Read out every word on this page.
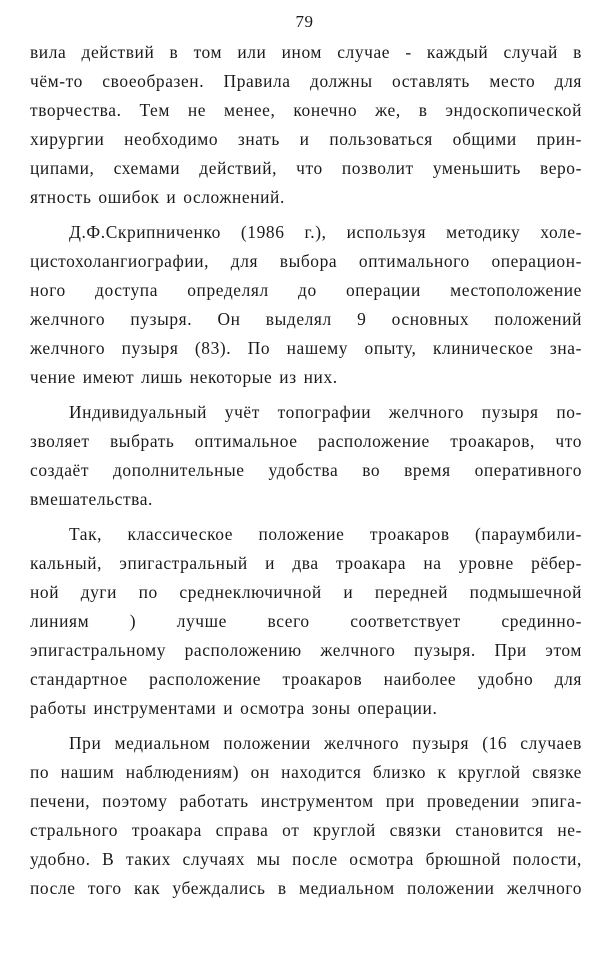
79
вила действий в том или ином случае - каждый случай в
чём-то своеобразен. Правила должны оставлять место для
творчества. Тем не менее, конечно же, в эндоскопической
хирургии необходимо знать и пользоваться общими прин-
ципами, схемами действий, что позволит уменьшить веро-
ятность ошибок и осложнений.
Д.Ф.Скрипниченко (1986 г.), используя методику холе-
цистохолангиографии, для выбора оптимального операцион-
ного доступа определял до операции местоположение
желчного пузыря. Он выделял 9 основных положений
желчного пузыря (83). По нашему опыту, клиническое зна-
чение имеют лишь некоторые из них.
Индивидуальный учёт топографии желчного пузыря по-
зволяет выбрать оптимальное расположение троакаров, что
создаёт дополнительные удобства во время оперативного
вмешательства.
Так, классическое положение троакаров (параумбили-
кальный, эпигастральный и два троакара на уровне рёбер-
ной дуги по среднеключичной и передней подмышечной
линиям ) лучше всего соответствует срединно-
эпигастральному расположению желчного пузыря. При этом
стандартное расположение троакаров наиболее удобно для
работы инструментами и осмотра зоны операции.
При медиальном положении желчного пузыря (16 случаев
по нашим наблюдениям) он находится близко к круглой связке
печени, поэтому работать инструментом при проведении эпига-
стрального троакара справа от круглой связки становится не-
удобно. В таких случаях мы после осмотра брюшной полости,
после того как убеждались в медиальном положении желчного
